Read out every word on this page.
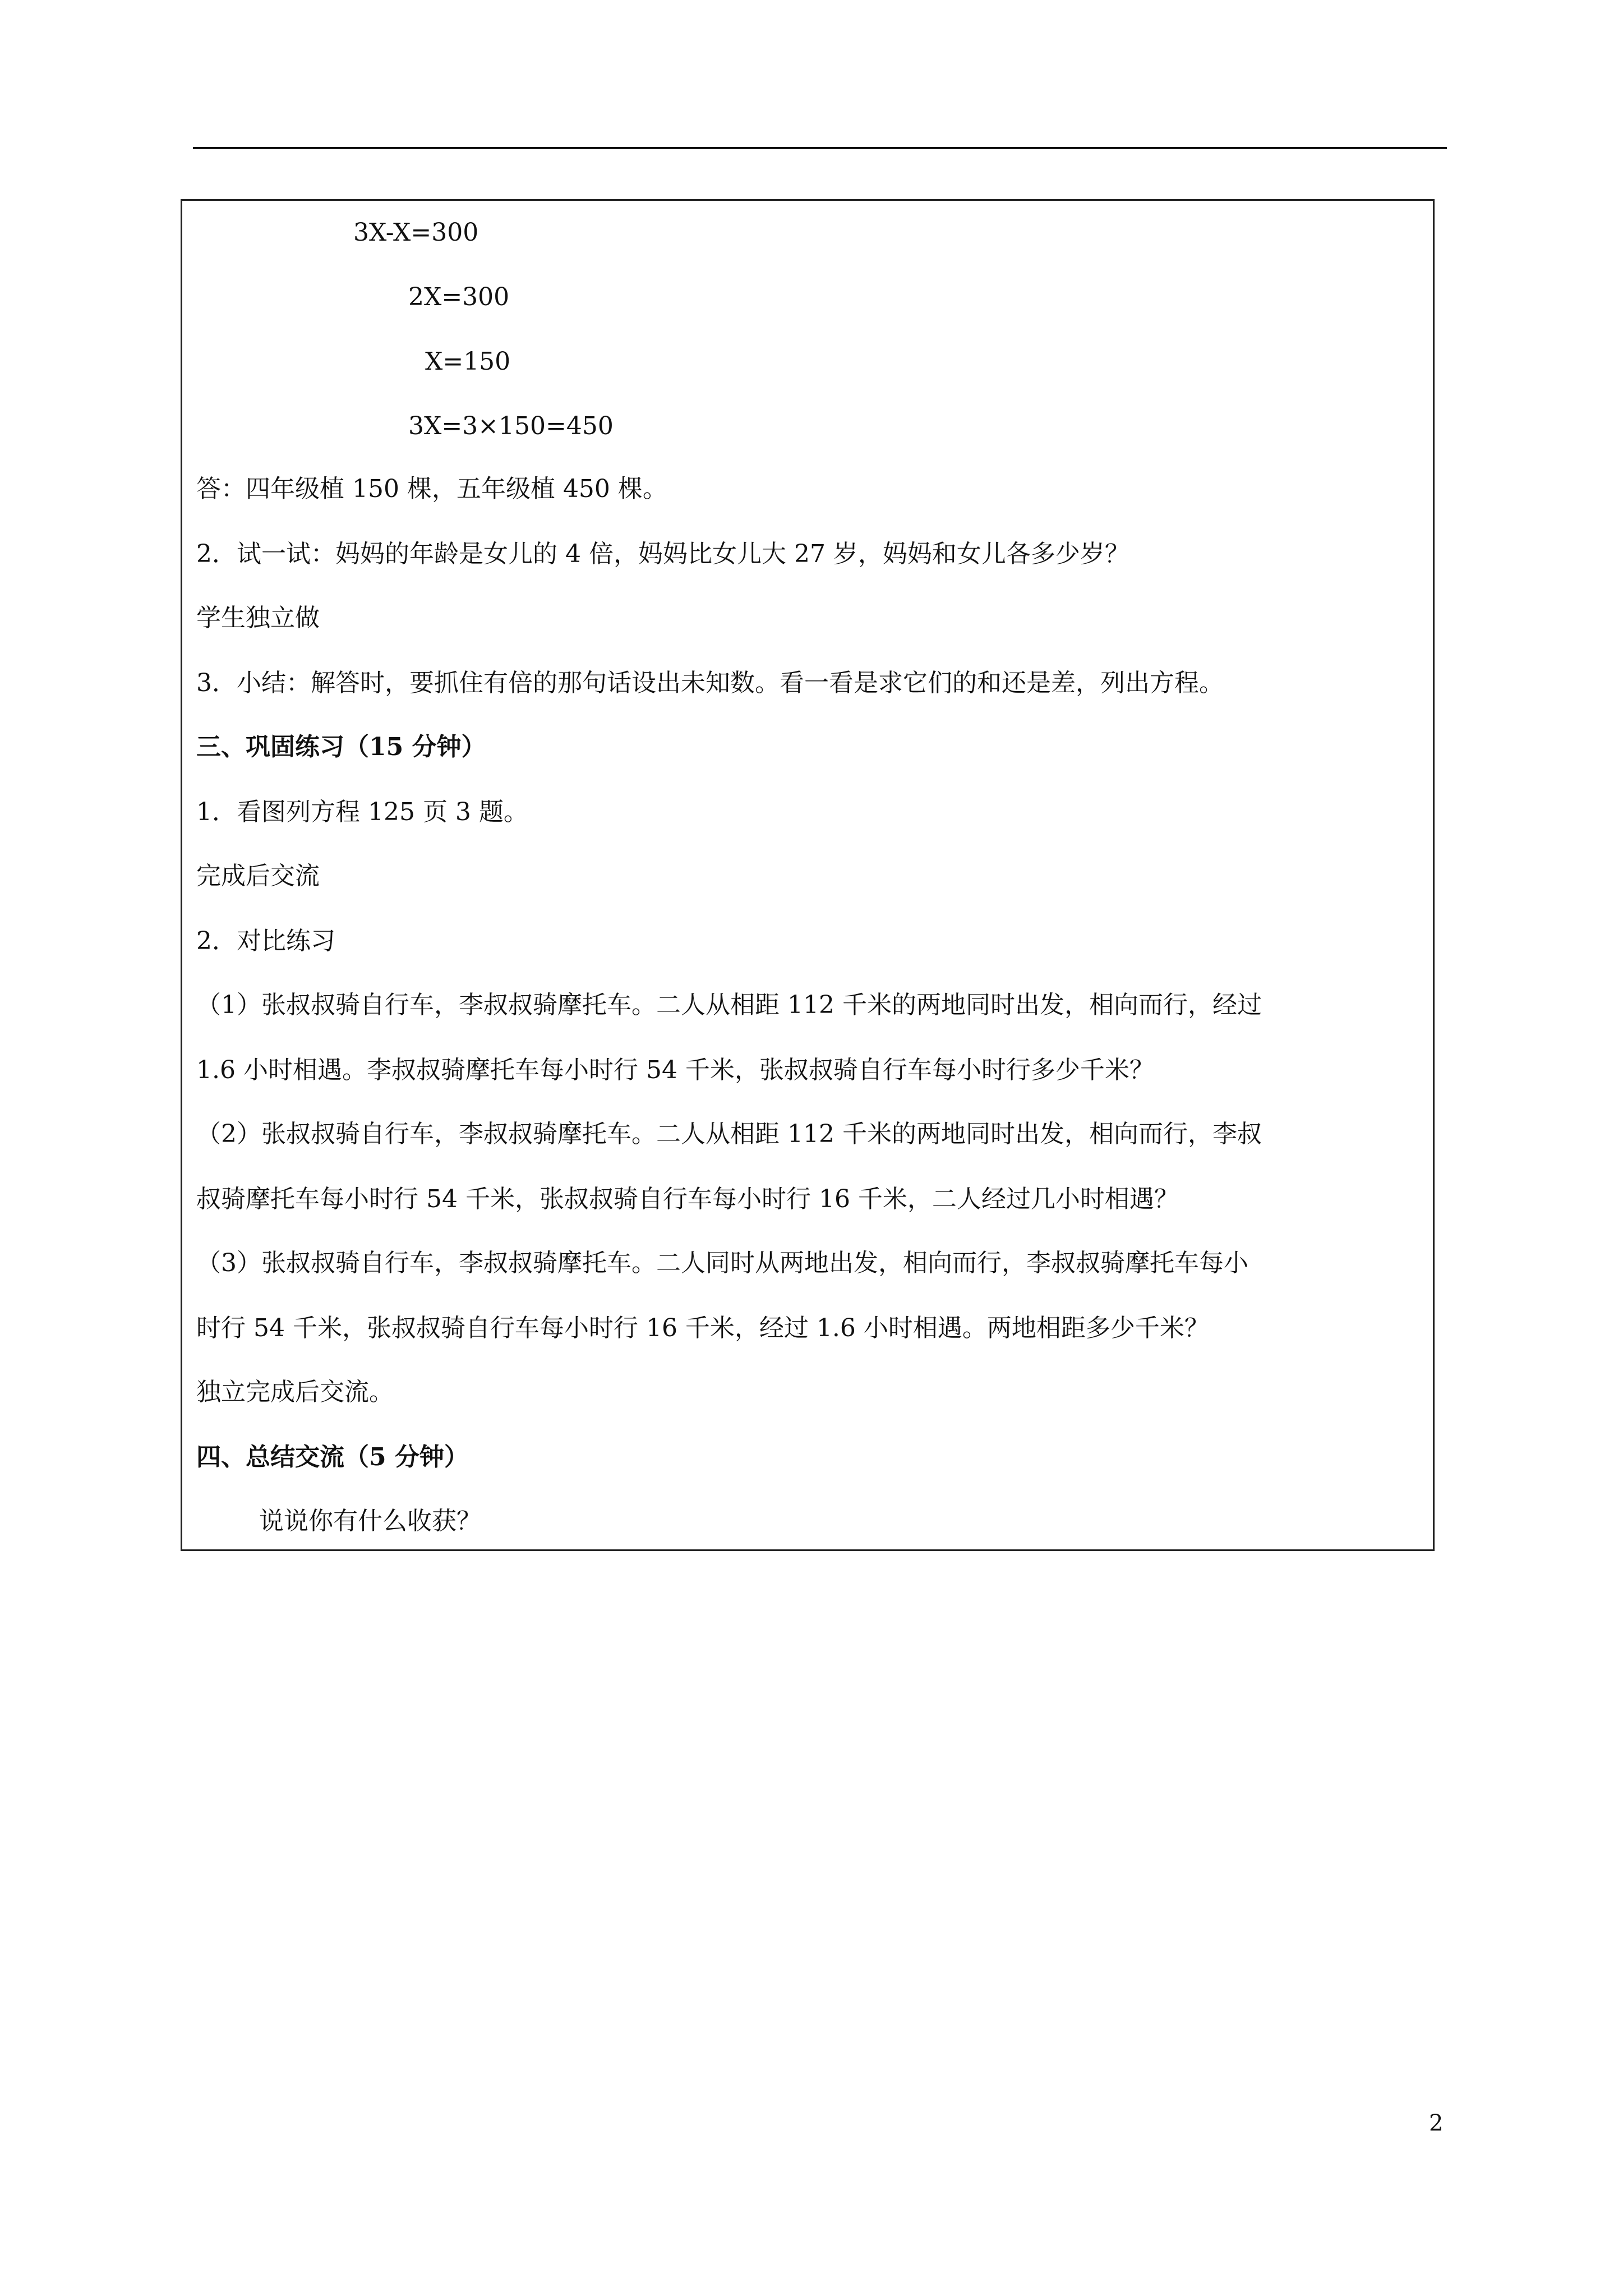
3X-X=300
2X=300
X=150
3X=3×150=450
答：四年级植 150 棵，五年级植 450 棵。
2．试一试：妈妈的年龄是女儿的 4 倍，妈妈比女儿大 27 岁，妈妈和女儿各多少岁？
学生独立做
3．小结：解答时，要抓住有倍的那句话设出未知数。看一看是求它们的和还是差，列出方程。
三、巩固练习（15 分钟）
1．看图列方程 125 页 3 题。
完成后交流
2．对比练习
（1）张叔叔骑自行车，李叔叔骑摩托车。二人从相距 112 千米的两地同时出发，相向而行，经过
1.6 小时相遇。李叔叔骑摩托车每小时行 54 千米，张叔叔骑自行车每小时行多少千米？
（2）张叔叔骑自行车，李叔叔骑摩托车。二人从相距 112 千米的两地同时出发，相向而行，李叔
叔骑摩托车每小时行 54 千米，张叔叔骑自行车每小时行 16 千米，二人经过几小时相遇？
（3）张叔叔骑自行车，李叔叔骑摩托车。二人同时从两地出发，相向而行，李叔叔骑摩托车每小
时行 54 千米，张叔叔骑自行车每小时行 16 千米，经过 1.6 小时相遇。两地相距多少千米？
独立完成后交流。
四、总结交流（5 分钟）
说说你有什么收获？
2
